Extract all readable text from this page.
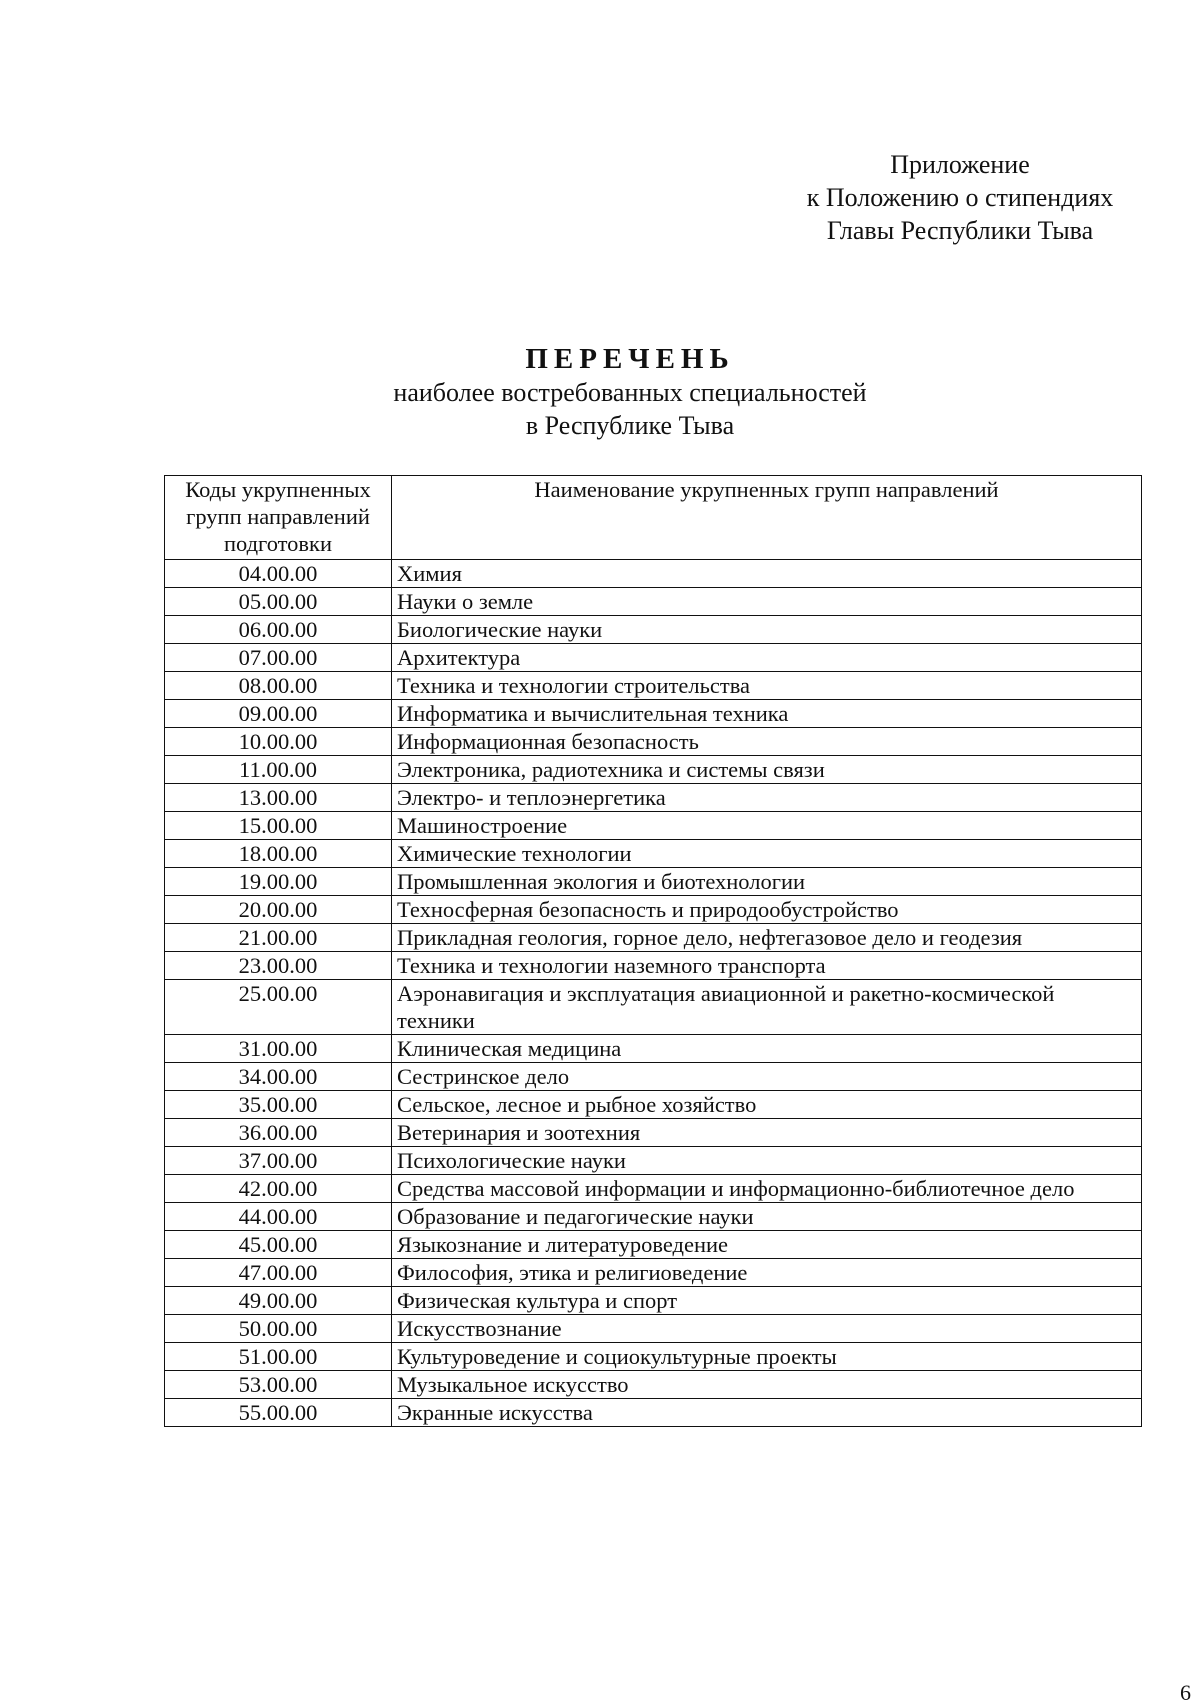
Приложение
к Положению о стипендиях
Главы Республики Тыва
ПЕРЕЧЕНЬ
наиболее востребованных специальностей
в Республике Тыва
Коды укрупненных групп направлений подготовки	Наименование укрупненных групп направлений
04.00.00	Химия
05.00.00	Науки о земле
06.00.00	Биологические науки
07.00.00	Архитектура
08.00.00	Техника и технологии строительства
09.00.00	Информатика и вычислительная техника
10.00.00	Информационная безопасность
11.00.00	Электроника, радиотехника и системы связи
13.00.00	Электро- и теплоэнергетика
15.00.00	Машиностроение
18.00.00	Химические технологии
19.00.00	Промышленная экология и биотехнологии
20.00.00	Техносферная безопасность и природообустройство
21.00.00	Прикладная геология, горное дело, нефтегазовое дело и геодезия
23.00.00	Техника и технологии наземного транспорта
25.00.00	Аэронавигация и эксплуатация авиационной и ракетно-космической техники
31.00.00	Клиническая медицина
34.00.00	Сестринское дело
35.00.00	Сельское, лесное и рыбное хозяйство
36.00.00	Ветеринария и зоотехния
37.00.00	Психологические науки
42.00.00	Средства массовой информации и информационно-библиотечное дело
44.00.00	Образование и педагогические науки
45.00.00	Языкознание и литературоведение
47.00.00	Философия, этика и религиоведение
49.00.00	Физическая культура и спорт
50.00.00	Искусствознание
51.00.00	Культуроведение и социокультурные проекты
53.00.00	Музыкальное искусство
55.00.00	Экранные искусства
6
